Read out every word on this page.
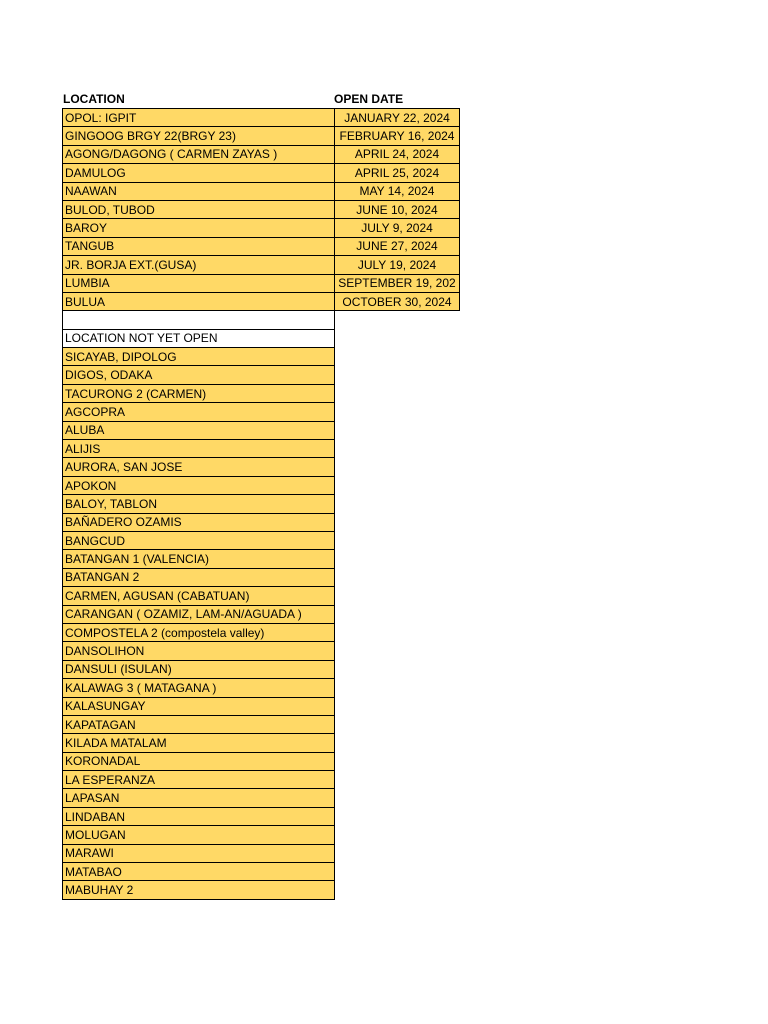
LOCATION	OPEN DATE
OPOL: IGPIT	JANUARY 22, 2024
GINGOOG BRGY 22(BRGY 23)	FEBRUARY 16, 2024
AGONG/DAGONG ( CARMEN ZAYAS )	APRIL 24, 2024
DAMULOG	APRIL 25, 2024
NAAWAN	MAY 14, 2024
BULOD, TUBOD	JUNE 10, 2024
BAROY	JULY 9, 2024
TANGUB	JUNE 27, 2024
JR. BORJA EXT.(GUSA)	JULY 19, 2024
LUMBIA	SEPTEMBER 19, 202
BULUA	OCTOBER 30, 2024

LOCATION NOT YET OPEN	
SICAYAB, DIPOLOG	
DIGOS, ODAKA	
TACURONG 2 (CARMEN)	
AGCOPRA	
ALUBA	
ALIJIS	
AURORA, SAN JOSE	
APOKON	
BALOY, TABLON	
BAÑADERO OZAMIS	
BANGCUD	
BATANGAN 1 (VALENCIA)	
BATANGAN 2	
CARMEN, AGUSAN (CABATUAN)	
CARANGAN ( OZAMIZ, LAM-AN/AGUADA )	
COMPOSTELA 2 (compostela valley)	
DANSOLIHON	
DANSULI (ISULAN)	
KALAWAG 3 ( MATAGANA )	
KALASUNGAY	
KAPATAGAN	
KILADA MATALAM	
KORONADAL	
LA ESPERANZA	
LAPASAN	
LINDABAN	
MOLUGAN	
MARAWI	
MATABAO	
MABUHAY 2	
